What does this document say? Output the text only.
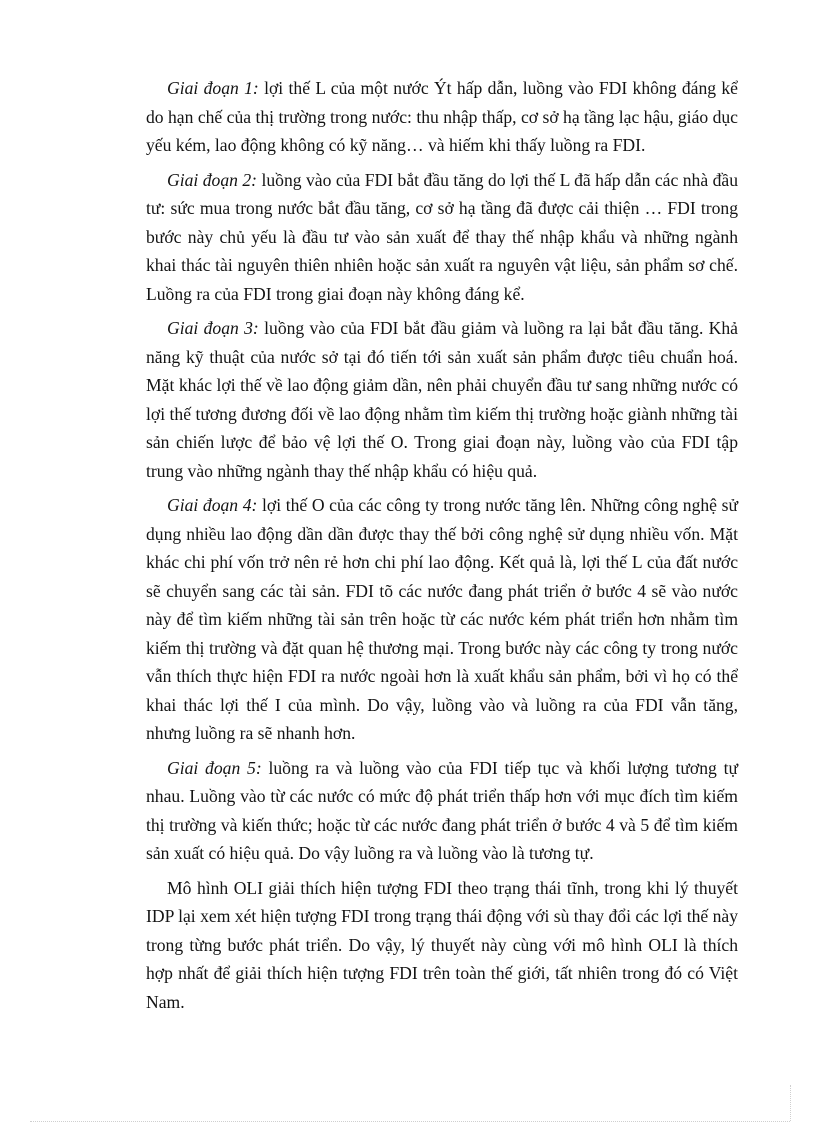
Giai đoạn 1: lợi thế L của một nước Ýt hấp dẫn, luồng vào FDI không đáng kể do hạn chế của thị trường trong nước: thu nhập thấp, cơ sở hạ tầng lạc hậu, giáo dục yếu kém, lao động không có kỹ năng… và hiếm khi thấy luồng ra FDI.

Giai đoạn 2: luồng vào của FDI bắt đầu tăng do lợi thế L đã hấp dẫn các nhà đầu tư: sức mua trong nước bắt đầu tăng, cơ sở hạ tầng đã được cải thiện … FDI trong bước này chủ yếu là đầu tư vào sản xuất để thay thế nhập khẩu và những ngành khai thác tài nguyên thiên nhiên hoặc sản xuất ra nguyên vật liệu, sản phẩm sơ chế. Luồng ra của FDI trong giai đoạn này không đáng kể.

Giai đoạn 3: luồng vào của FDI bắt đầu giảm và luồng ra lại bắt đầu tăng. Khả năng kỹ thuật của nước sở tại đó tiến tới sản xuất sản phẩm được tiêu chuẩn hoá. Mặt khác lợi thế về lao động giảm dần, nên phải chuyển đầu tư sang những nước có lợi thế tương đương đối về lao động nhằm tìm kiếm thị trường hoặc giành những tài sản chiến lược để bảo vệ lợi thế O. Trong giai đoạn này, luồng vào của FDI tập trung vào những ngành thay thế nhập khẩu có hiệu quả.

Giai đoạn 4: lợi thế O của các công ty trong nước tăng lên. Những công nghệ sử dụng nhiều lao động dần dần được thay thế bởi công nghệ sử dụng nhiều vốn. Mặt khác chi phí vốn trở nên rẻ hơn chi phí lao động. Kết quả là, lợi thế L của đất nước sẽ chuyển sang các tài sản. FDI tõ các nước đang phát triển ở bước 4 sẽ vào nước này để tìm kiếm những tài sản trên hoặc từ các nước kém phát triển hơn nhằm tìm kiếm thị trường và đặt quan hệ thương mại. Trong bước này các công ty trong nước vẫn thích thực hiện FDI ra nước ngoài hơn là xuất khẩu sản phẩm, bởi vì họ có thể khai thác lợi thế I của mình. Do vậy, luồng vào và luồng ra của FDI vẫn tăng, nhưng luồng ra sẽ nhanh hơn.

Giai đoạn 5: luồng ra và luồng vào của FDI tiếp tục và khối lượng tương tự nhau. Luồng vào từ các nước có mức độ phát triển thấp hơn với mục đích tìm kiếm thị trường và kiến thức; hoặc từ các nước đang phát triển ở bước 4 và 5 để tìm kiếm sản xuất có hiệu quả. Do vậy luồng ra và luồng vào là tương tự.

Mô hình OLI giải thích hiện tượng FDI theo trạng thái tĩnh, trong khi lý thuyết IDP lại xem xét hiện tượng FDI trong trạng thái động với sù thay đổi các lợi thế này trong từng bước phát triển. Do vậy, lý thuyết này cùng với mô hình OLI là thích hợp nhất để giải thích hiện tượng FDI trên toàn thế giới, tất nhiên trong đó có Việt Nam.
